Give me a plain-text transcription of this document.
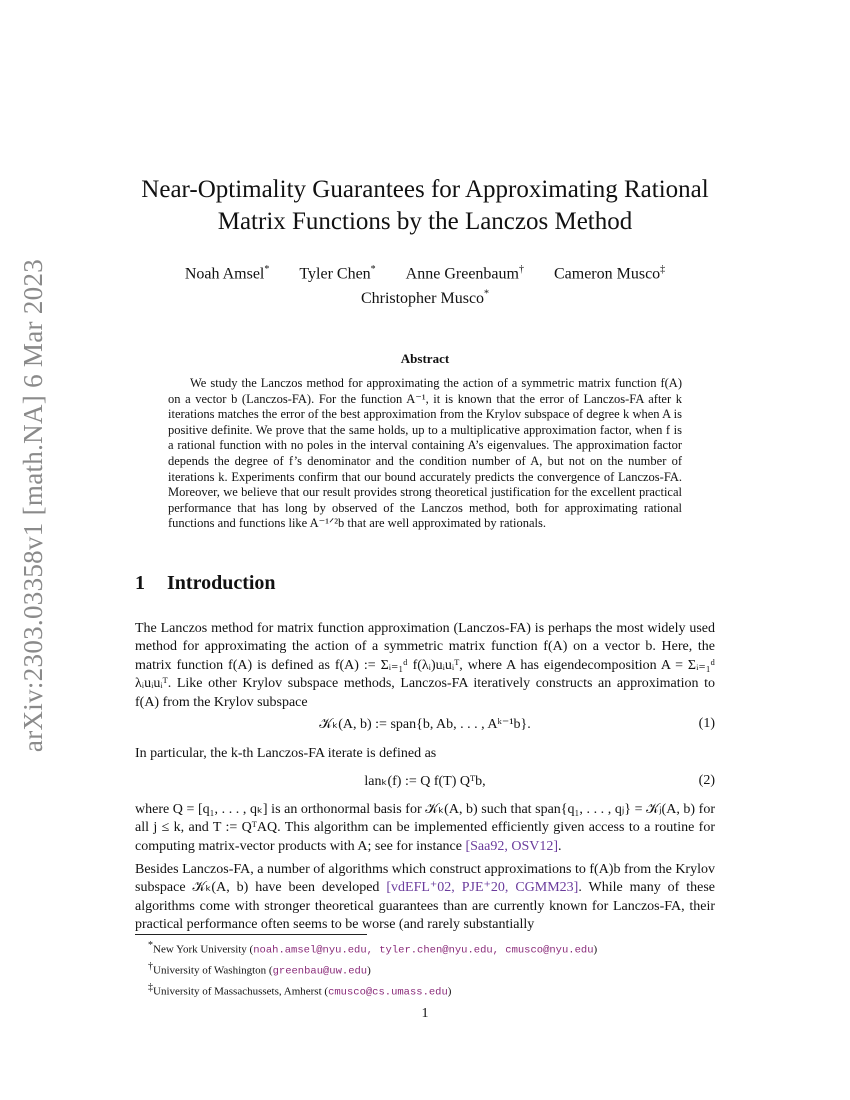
arXiv:2303.03358v1 [math.NA] 6 Mar 2023
Near-Optimality Guarantees for Approximating Rational
Matrix Functions by the Lanczos Method
Noah Amsel* Tyler Chen* Anne Greenbaum† Cameron Musco‡
Christopher Musco*
Abstract
We study the Lanczos method for approximating the action of a symmetric matrix function f(A) on a vector b (Lanczos-FA). For the function A⁻¹, it is known that the error of Lanczos-FA after k iterations matches the error of the best approximation from the Krylov subspace of degree k when A is positive definite. We prove that the same holds, up to a multiplicative approximation factor, when f is a rational function with no poles in the interval containing A’s eigenvalues. The approximation factor depends the degree of f’s denominator and the condition number of A, but not on the number of iterations k. Experiments confirm that our bound accurately predicts the convergence of Lanczos-FA. Moreover, we believe that our result provides strong theoretical justification for the excellent practical performance that has long by observed of the Lanczos method, both for approximating rational functions and functions like A⁻¹ᐟ²b that are well approximated by rationals.
1 Introduction
The Lanczos method for matrix function approximation (Lanczos-FA) is perhaps the most widely used method for approximating the action of a symmetric matrix function f(A) on a vector b. Here, the matrix function f(A) is defined as f(A) := Σᵢ₌₁ᵈ f(λᵢ)uᵢuᵢᵀ, where A has eigendecomposition A = Σᵢ₌₁ᵈ λᵢuᵢuᵢᵀ. Like other Krylov subspace methods, Lanczos-FA iteratively constructs an approximation to f(A) from the Krylov subspace
𝒦ₖ(A, b) := span{b, Ab, . . . , Aᵏ⁻¹b}.	(1)
In particular, the k-th Lanczos-FA iterate is defined as
lanₖ(f) := Q f(T) Qᵀb,	(2)
where Q = [q₁, . . . , qₖ] is an orthonormal basis for 𝒦ₖ(A, b) such that span{q₁, . . . , qⱼ} = 𝒦ⱼ(A, b) for all j ≤ k, and T := QᵀAQ. This algorithm can be implemented efficiently given access to a routine for computing matrix-vector products with A; see for instance [Saa92, OSV12].
Besides Lanczos-FA, a number of algorithms which construct approximations to f(A)b from the Krylov subspace 𝒦ₖ(A, b) have been developed [vdEFL⁺02, PJE⁺20, CGMM23]. While many of these algorithms come with stronger theoretical guarantees than are currently known for Lanczos-FA, their practical performance often seems to be worse (and rarely substantially
*New York University (noah.amsel@nyu.edu, tyler.chen@nyu.edu, cmusco@nyu.edu)
†University of Washington (greenbau@uw.edu)
‡University of Massachussets, Amherst (cmusco@cs.umass.edu)
1
